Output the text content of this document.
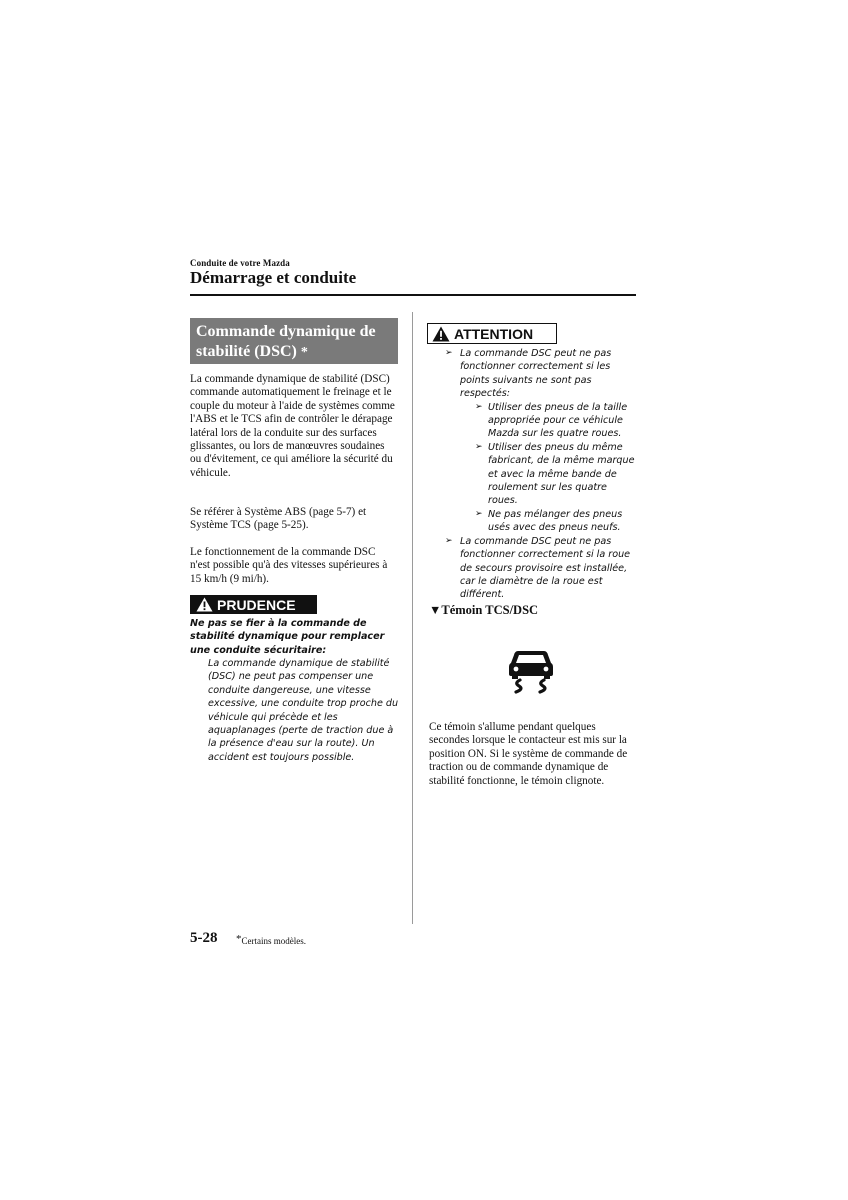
Conduite de votre Mazda
Démarrage et conduite
Commande dynamique de stabilité (DSC) *
La commande dynamique de stabilité (DSC) commande automatiquement le freinage et le couple du moteur à l'aide de systèmes comme l'ABS et le TCS afin de contrôler le dérapage latéral lors de la conduite sur des surfaces glissantes, ou lors de manœuvres soudaines ou d'évitement, ce qui améliore la sécurité du véhicule.
Se référer à Système ABS (page 5-7) et Système TCS (page 5-25).
Le fonctionnement de la commande DSC n'est possible qu'à des vitesses supérieures à 15 km/h (9 mi/h).
PRUDENCE
Ne pas se fier à la commande de stabilité dynamique pour remplacer une conduite sécuritaire:
La commande dynamique de stabilité (DSC) ne peut pas compenser une conduite dangereuse, une vitesse excessive, une conduite trop proche du véhicule qui précède et les aquaplanages (perte de traction due à la présence d'eau sur la route). Un accident est toujours possible.
ATTENTION
➢ La commande DSC peut ne pas fonctionner correctement si les points suivants ne sont pas respectés:
➢ Utiliser des pneus de la taille appropriée pour ce véhicule Mazda sur les quatre roues.
➢ Utiliser des pneus du même fabricant, de la même marque et avec la même bande de roulement sur les quatre roues.
➢ Ne pas mélanger des pneus usés avec des pneus neufs.
➢ La commande DSC peut ne pas fonctionner correctement si la roue de secours provisoire est installée, car le diamètre de la roue est différent.
▼Témoin TCS/DSC
Ce témoin s'allume pendant quelques secondes lorsque le contacteur est mis sur la position ON. Si le système de commande de traction ou de commande dynamique de stabilité fonctionne, le témoin clignote.
5-28 *Certains modèles.
